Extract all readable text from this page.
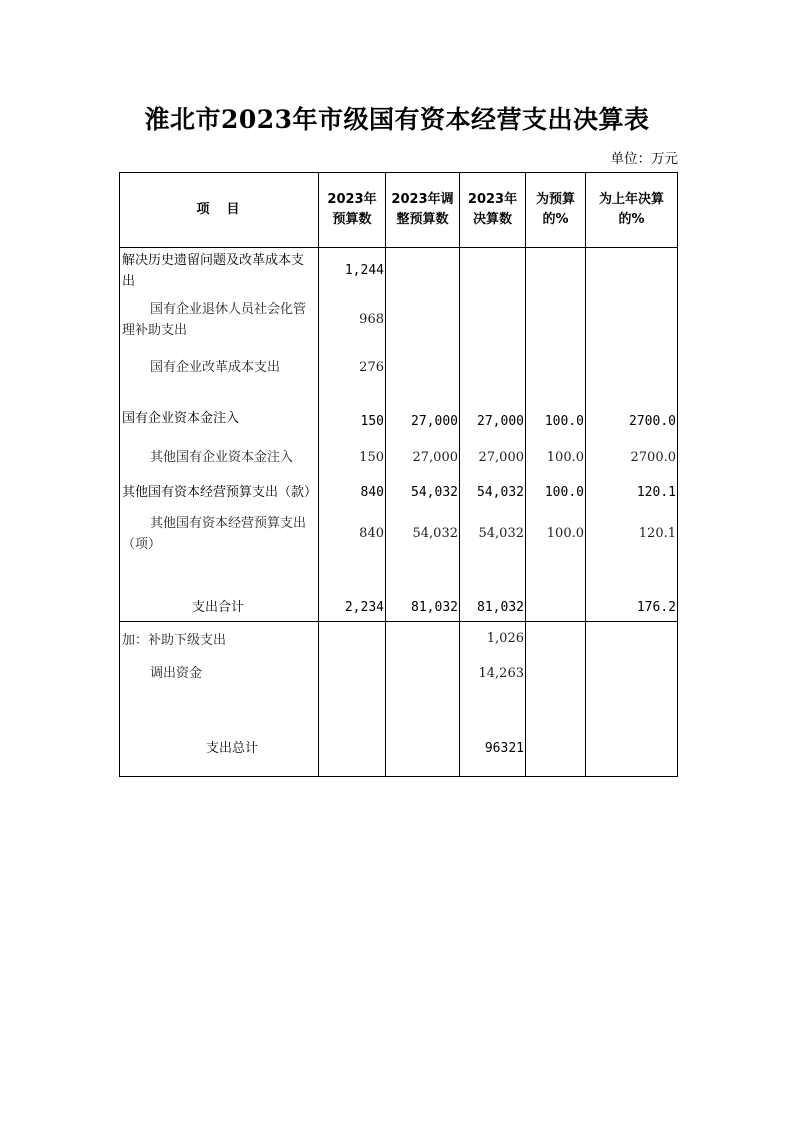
淮北市2023年市级国有资本经营支出决算表
单位：万元
项　目	2023年预算数	2023年调整预算数	2023年决算数	为预算的%	为上年决算的%
解决历史遗留问题及改革成本支出	1,244				
国有企业退休人员社会化管理补助支出	968				
国有企业改革成本支出	276				
国有企业资本金注入	150	27,000	27,000	100.0	2700.0
其他国有企业资本金注入	150	27,000	27,000	100.0	2700.0
其他国有资本经营预算支出（款）	840	54,032	54,032	100.0	120.1
其他国有资本经营预算支出（项）	840	54,032	54,032	100.0	120.1
支出合计	2,234	81,032	81,032		176.2
加：补助下级支出			1,026		
调出资金			14,263		
支出总计			96321		
